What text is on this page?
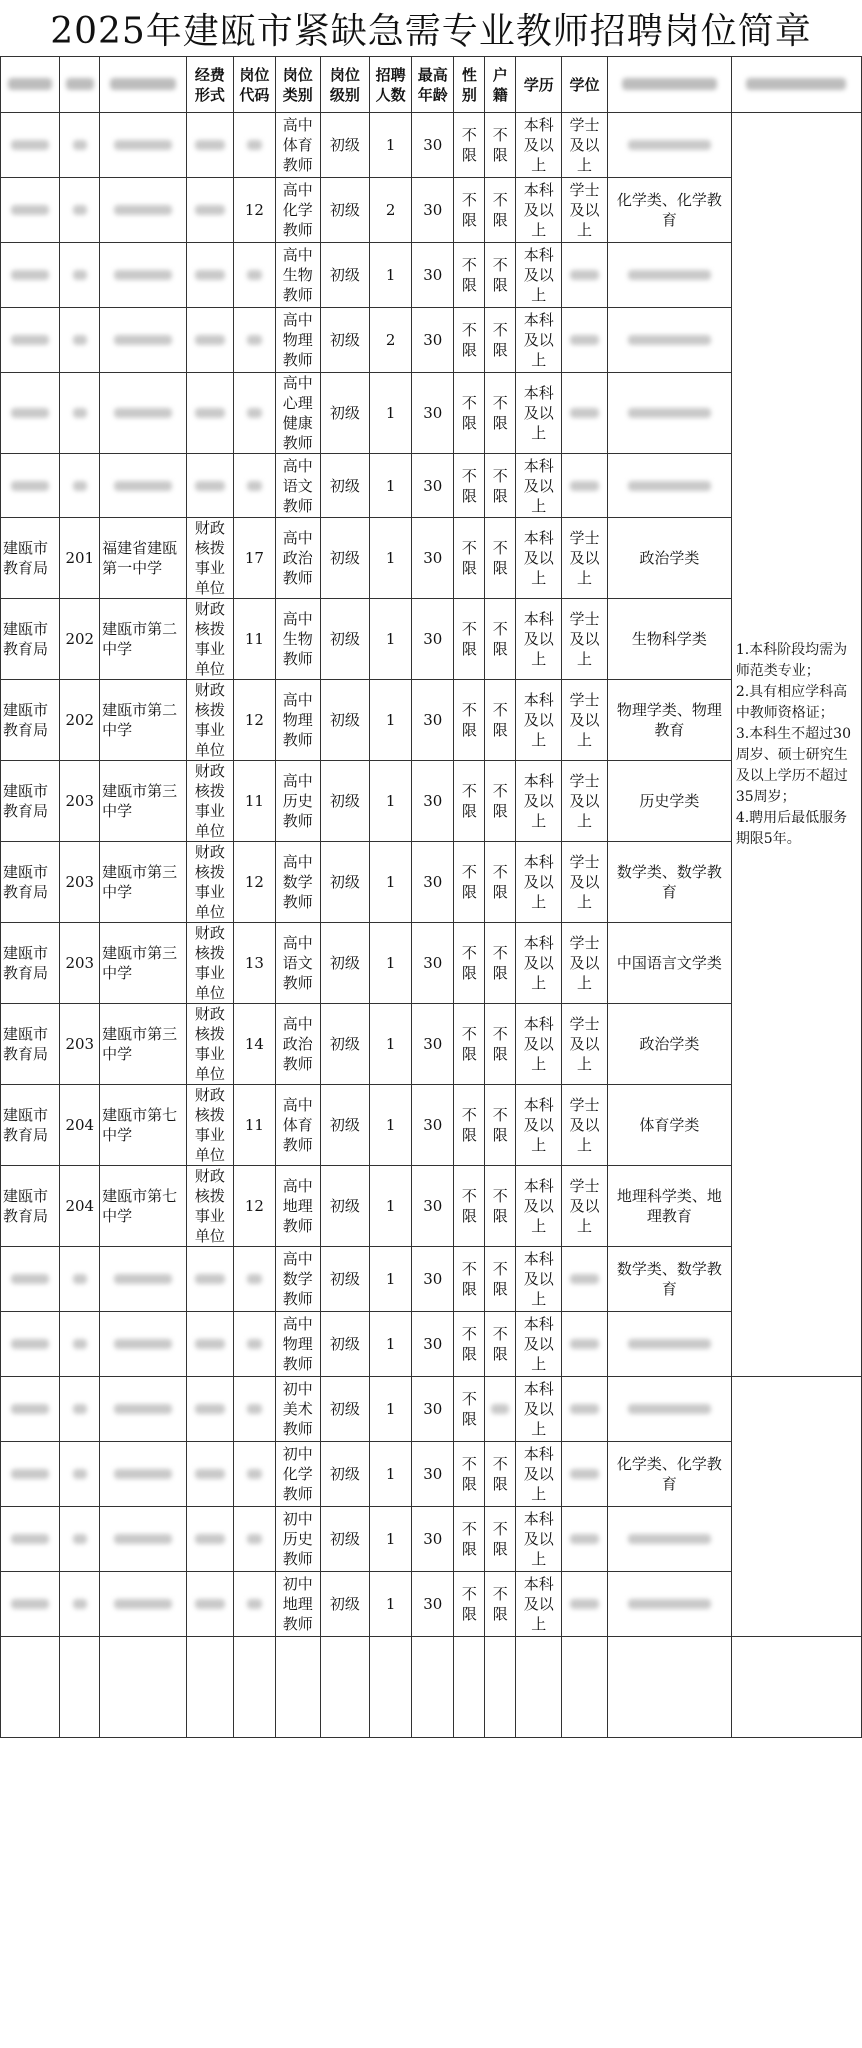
2025年建瓯市紧缺急需专业教师招聘岗位简章
			经费形式	岗位代码	岗位类别	岗位级别	招聘人数	最高年龄	性别	户籍	学历	学位		
					高中体育教师	初级	1	30	不限	不限	本科及以上	学士及以上		1.本科阶段均需为师范类专业；
2.具有相应学科高中教师资格证；
3.本科生不超过30周岁、硕士研究生及以上学历不超过35周岁；
4.聘用后最低服务期限5年。
				12	高中化学教师	初级	2	30	不限	不限	本科及以上	学士及以上	化学类、化学教育	
					高中生物教师	初级	1	30	不限	不限	本科及以上			
					高中物理教师	初级	2	30	不限	不限	本科及以上			
					高中心理健康教师	初级	1	30	不限	不限	本科及以上			
					高中语文教师	初级	1	30	不限	不限	本科及以上			
建瓯市教育局	201	福建省建瓯第一中学	财政核拨事业单位	17	高中政治教师	初级	1	30	不限	不限	本科及以上	学士及以上	政治学类	
建瓯市教育局	202	建瓯市第二中学	财政核拨事业单位	11	高中生物教师	初级	1	30	不限	不限	本科及以上	学士及以上	生物科学类	
建瓯市教育局	202	建瓯市第二中学	财政核拨事业单位	12	高中物理教师	初级	1	30	不限	不限	本科及以上	学士及以上	物理学类、物理教育	
建瓯市教育局	203	建瓯市第三中学	财政核拨事业单位	11	高中历史教师	初级	1	30	不限	不限	本科及以上	学士及以上	历史学类	
建瓯市教育局	203	建瓯市第三中学	财政核拨事业单位	12	高中数学教师	初级	1	30	不限	不限	本科及以上	学士及以上	数学类、数学教育	
建瓯市教育局	203	建瓯市第三中学	财政核拨事业单位	13	高中语文教师	初级	1	30	不限	不限	本科及以上	学士及以上	中国语言文学类	
建瓯市教育局	203	建瓯市第三中学	财政核拨事业单位	14	高中政治教师	初级	1	30	不限	不限	本科及以上	学士及以上	政治学类	
建瓯市教育局	204	建瓯市第七中学	财政核拨事业单位	11	高中体育教师	初级	1	30	不限	不限	本科及以上	学士及以上	体育学类	
建瓯市教育局	204	建瓯市第七中学	财政核拨事业单位	12	高中地理教师	初级	1	30	不限	不限	本科及以上	学士及以上	地理科学类、地理教育	
					高中数学教师	初级	1	30	不限	不限	本科及以上		数学类、数学教育	
					高中物理教师	初级	1	30	不限	不限	本科及以上			
					初中美术教师	初级	1	30	不限		本科及以上			
					初中化学教师	初级	1	30	不限	不限	本科及以上		化学类、化学教育	
					初中历史教师	初级	1	30	不限	不限	本科及以上			
					初中地理教师	初级	1	30	不限	不限	本科及以上			
